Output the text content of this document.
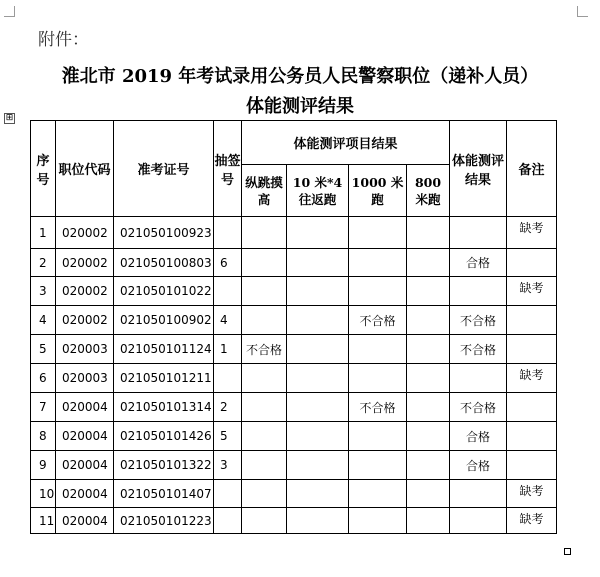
附件：
淮北市 2019 年考试录用公务员人民警察职位（递补人员）
体能测评结果
⊞
序号	职位代码	准考证号	抽签号	体能测评项目结果				体能测评结果	备注
				纵跳摸高	10 米*4往返跑	1000 米跑	800 米跑		
1	020002	021050100923							缺考
2	020002	021050100803	6					合格	
3	020002	021050101022							缺考
4	020002	021050100902	4			不合格		不合格	
5	020003	021050101124	1	不合格				不合格	
6	020003	021050101211							缺考
7	020004	021050101314	2			不合格		不合格	
8	020004	021050101426	5					合格	
9	020004	021050101322	3					合格	
10	020004	021050101407							缺考
11	020004	021050101223							缺考
